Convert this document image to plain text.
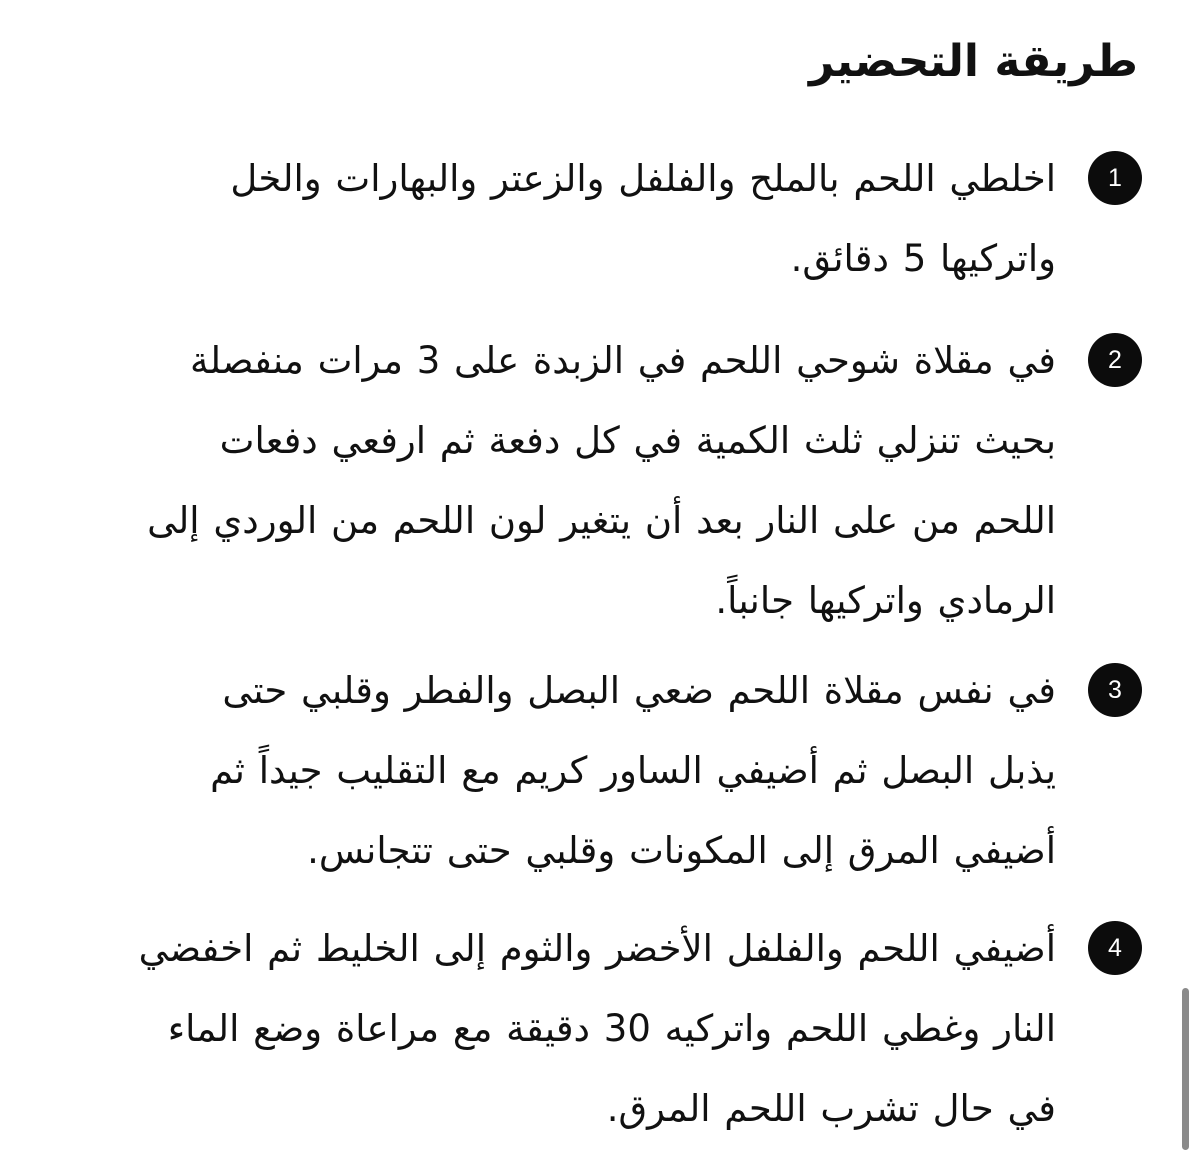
طريقة التحضير
1

اخلطي اللحم بالملح والفلفل والزعتر والبهارات والخل
واتركيها 5 دقائق.

2

في مقلاة شوحي اللحم في الزبدة على 3 مرات منفصلة
بحيث تنزلي ثلث الكمية في كل دفعة ثم ارفعي دفعات
اللحم من على النار بعد أن يتغير لون اللحم من الوردي إلى
الرمادي واتركيها جانباً.

3

في نفس مقلاة اللحم ضعي البصل والفطر وقلبي حتى
يذبل البصل ثم أضيفي الساور كريم مع التقليب جيداً ثم
أضيفي المرق إلى المكونات وقلبي حتى تتجانس.

4

أضيفي اللحم والفلفل الأخضر والثوم إلى الخليط ثم اخفضي
النار وغطي اللحم واتركيه 30 دقيقة مع مراعاة وضع الماء
في حال تشرب اللحم المرق.
